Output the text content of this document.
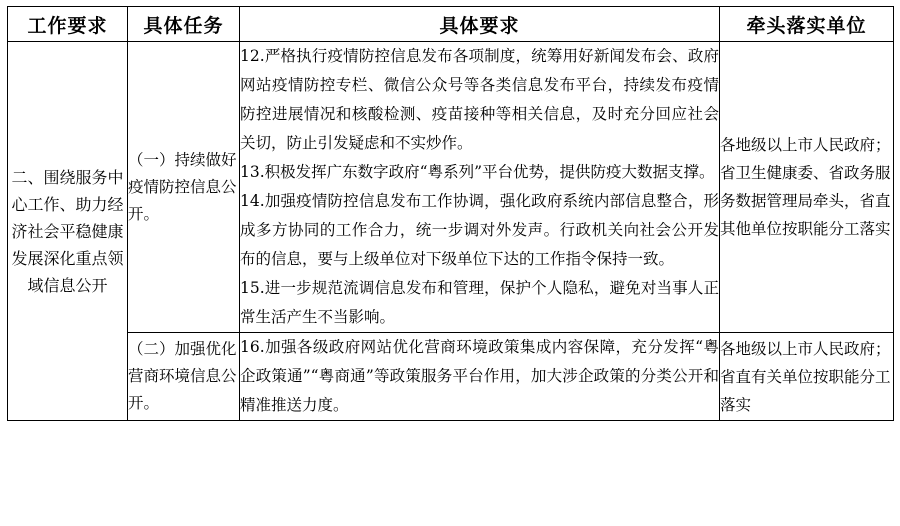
工作要求	具体任务	具体要求	牵头落实单位
二、围绕服务中心工作、助力经济社会平稳健康发展深化重点领域信息公开	（一）持续做好疫情防控信息公开。	12.严格执行疫情防控信息发布各项制度，统筹用好新闻发布会、政府网站疫情防控专栏、微信公众号等各类信息发布平台，持续发布疫情防控进展情况和核酸检测、疫苗接种等相关信息，及时充分回应社会关切，防止引发疑虑和不实炒作。

13.积极发挥广东数字政府“粤系列”平台优势，提供防疫大数据支撑。

14.加强疫情防控信息发布工作协调，强化政府系统内部信息整合，形成多方协同的工作合力，统一步调对外发声。行政机关向社会公开发布的信息，要与上级单位对下级单位下达的工作指令保持一致。

15.进一步规范流调信息发布和管理，保护个人隐私，避免对当事人正常生活产生不当影响。	各地级以上市人民政府；省卫生健康委、省政务服务数据管理局牵头，省直其他单位按职能分工落实
	（二）加强优化营商环境信息公开。	16.加强各级政府网站优化营商环境政策集成内容保障，充分发挥“粤企政策通”“粤商通”等政策服务平台作用，加大涉企政策的分类公开和精准推送力度。	各地级以上市人民政府；省直有关单位按职能分工落实
